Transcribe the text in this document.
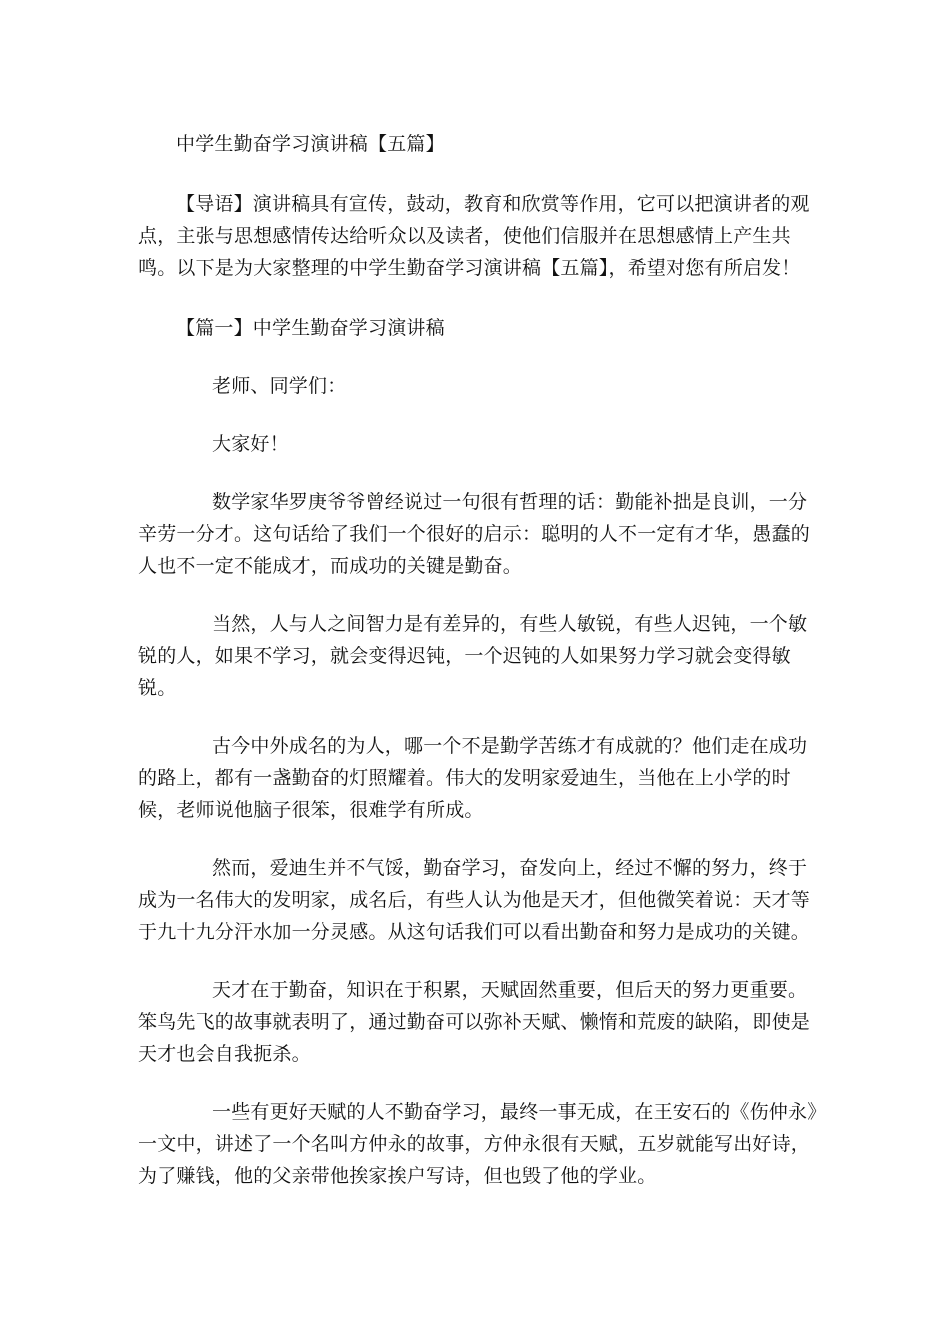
中学生勤奋学习演讲稿【五篇】

【导语】演讲稿具有宣传，鼓动，教育和欣赏等作用，它可以把演讲者的观点，主张与思想感情传达给听众以及读者，使他们信服并在思想感情上产生共鸣。以下是为大家整理的中学生勤奋学习演讲稿【五篇】，希望对您有所启发！

【篇一】中学生勤奋学习演讲稿

老师、同学们：

大家好！

数学家华罗庚爷爷曾经说过一句很有哲理的话：勤能补拙是良训，一分辛劳一分才。这句话给了我们一个很好的启示：聪明的人不一定有才华，愚蠢的人也不一定不能成才，而成功的关键是勤奋。

当然，人与人之间智力是有差异的，有些人敏锐，有些人迟钝，一个敏锐的人，如果不学习，就会变得迟钝，一个迟钝的人如果努力学习就会变得敏锐。

古今中外成名的为人，哪一个不是勤学苦练才有成就的？他们走在成功的路上，都有一盏勤奋的灯照耀着。伟大的发明家爱迪生，当他在上小学的时候，老师说他脑子很笨，很难学有所成。

然而，爱迪生并不气馁，勤奋学习，奋发向上，经过不懈的努力，终于成为一名伟大的发明家，成名后，有些人认为他是天才，但他微笑着说：天才等于九十九分汗水加一分灵感。从这句话我们可以看出勤奋和努力是成功的关键。

天才在于勤奋，知识在于积累，天赋固然重要，但后天的努力更重要。笨鸟先飞的故事就表明了，通过勤奋可以弥补天赋、懒惰和荒废的缺陷，即使是天才也会自我扼杀。

一些有更好天赋的人不勤奋学习，最终一事无成，在王安石的《伤仲永》一文中，讲述了一个名叫方仲永的故事，方仲永很有天赋，五岁就能写出好诗，为了赚钱，他的父亲带他挨家挨户写诗，但也毁了他的学业。
